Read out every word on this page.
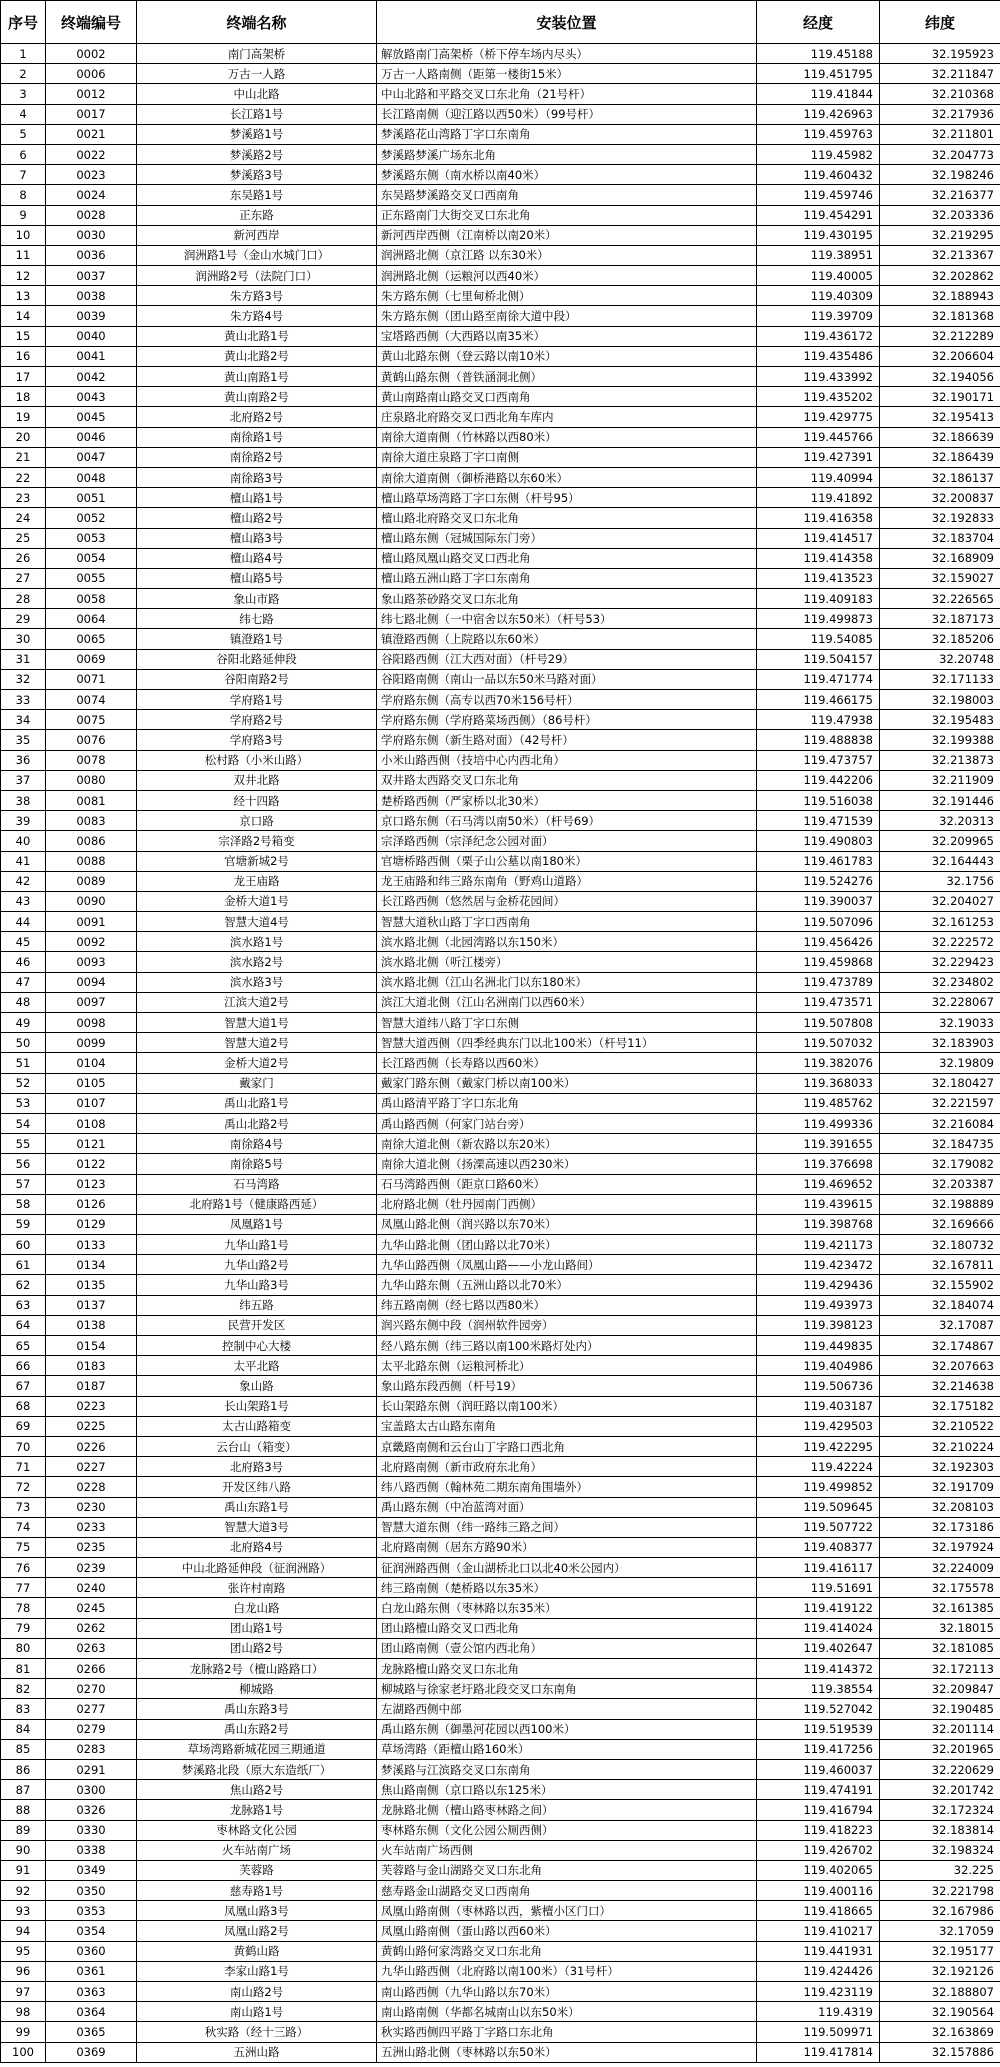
序号	终端编号	终端名称	安装位置	经度	纬度
1	0002	南门高架桥	解放路南门高架桥（桥下停车场内尽头）	119.45188	32.195923
2	0006	万古一人路	万古一人路南侧（距第一楼街15米）	119.451795	32.211847
3	0012	中山北路	中山北路和平路交叉口东北角（21号杆）	119.41844	32.210368
4	0017	长江路1号	长江路南侧（迎江路以西50米）（99号杆）	119.426963	32.217936
5	0021	梦溪路1号	梦溪路花山湾路丁字口东南角	119.459763	32.211801
6	0022	梦溪路2号	梦溪路梦溪广场东北角	119.45982	32.204773
7	0023	梦溪路3号	梦溪路东侧（南水桥以南40米）	119.460432	32.198246
8	0024	东吴路1号	东吴路梦溪路交叉口西南角	119.459746	32.216377
9	0028	正东路	正东路南门大街交叉口东北角	119.454291	32.203336
10	0030	新河西岸	新河西岸西侧（江南桥以南20米）	119.430195	32.219295
11	0036	润洲路1号（金山水城门口）	润洲路北侧（京江路 以东30米）	119.38951	32.213367
12	0037	润洲路2号（法院门口）	润洲路北侧（运粮河以西40米）	119.40005	32.202862
13	0038	朱方路3号	朱方路东侧（七里甸桥北侧）	119.40309	32.188943
14	0039	朱方路4号	朱方路东侧（团山路至南徐大道中段）	119.39709	32.181368
15	0040	黄山北路1号	宝塔路西侧（大西路以南35米）	119.436172	32.212289
16	0041	黄山北路2号	黄山北路东侧（登云路以南10米）	119.435486	32.206604
17	0042	黄山南路1号	黄鹤山路东侧（普铁涵洞北侧）	119.433992	32.194056
18	0043	黄山南路2号	黄山南路南山路交叉口西南角	119.435202	32.190171
19	0045	北府路2号	庄泉路北府路交叉口西北角车库内	119.429775	32.195413
20	0046	南徐路1号	南徐大道南侧（竹林路以西80米）	119.445766	32.186639
21	0047	南徐路2号	南徐大道庄泉路丁字口南侧	119.427391	32.186439
22	0048	南徐路3号	南徐大道南侧（御桥港路以东60米）	119.40994	32.186137
23	0051	檀山路1号	檀山路草场湾路丁字口东侧（杆号95）	119.41892	32.200837
24	0052	檀山路2号	檀山路北府路交叉口东北角	119.416358	32.192833
25	0053	檀山路3号	檀山路东侧（冠城国际东门旁）	119.414517	32.183704
26	0054	檀山路4号	檀山路凤凰山路交叉口西北角	119.414358	32.168909
27	0055	檀山路5号	檀山路五洲山路丁字口东南角	119.413523	32.159027
28	0058	象山市路	象山路茶砂路交叉口东北角	119.409183	32.226565
29	0064	纬七路	纬七路北侧（一中宿舍以东50米）（杆号53）	119.499873	32.187173
30	0065	镇澄路1号	镇澄路西侧（上院路以东60米）	119.54085	32.185206
31	0069	谷阳北路延伸段	谷阳路西侧（江大西对面）（杆号29）	119.504157	32.20748
32	0071	谷阳南路2号	谷阳路南侧（南山一品以东50米马路对面）	119.471774	32.171133
33	0074	学府路1号	学府路东侧（高专以西70米156号杆）	119.466175	32.198003
34	0075	学府路2号	学府路东侧（学府路菜场西侧）（86号杆）	119.47938	32.195483
35	0076	学府路3号	学府路东侧（新生路对面）（42号杆）	119.488838	32.199388
36	0078	松村路（小米山路）	小米山路西侧（技培中心内西北角）	119.473757	32.213873
37	0080	双井北路	双井路太西路交叉口东北角	119.442206	32.211909
38	0081	经十四路	楚桥路西侧（严家桥以北30米）	119.516038	32.191446
39	0083	京口路	京口路东侧（石马湾以南50米）（杆号69）	119.471539	32.20313
40	0086	宗泽路2号箱变	宗泽路西侧（宗泽纪念公园对面）	119.490803	32.209965
41	0088	官塘新城2号	官塘桥路西侧（栗子山公墓以南180米）	119.461783	32.164443
42	0089	龙王庙路	龙王庙路和纬三路东南角（野鸡山道路）	119.524276	32.1756
43	0090	金桥大道1号	长江路西侧（悠然居与金桥花园间）	119.390037	32.204027
44	0091	智慧大道4号	智慧大道秋山路丁字口西南角	119.507096	32.161253
45	0092	滨水路1号	滨水路北侧（北园湾路以东150米）	119.456426	32.222572
46	0093	滨水路2号	滨水路北侧（听江楼旁）	119.459868	32.229423
47	0094	滨水路3号	滨水路北侧（江山名洲北门以东180米）	119.473789	32.234802
48	0097	江滨大道2号	滨江大道北侧（江山名洲南门以西60米）	119.473571	32.228067
49	0098	智慧大道1号	智慧大道纬八路丁字口东侧	119.507808	32.19033
50	0099	智慧大道2号	智慧大道西侧（四季经典东门以北100米）（杆号11）	119.507032	32.183903
51	0104	金桥大道2号	长江路西侧（长寿路以西60米）	119.382076	32.19809
52	0105	戴家门	戴家门路东侧（戴家门桥以南100米）	119.368033	32.180427
53	0107	禹山北路1号	禹山路清平路丁字口东北角	119.485762	32.221597
54	0108	禹山北路2号	禹山路西侧（何家门站台旁）	119.499336	32.216084
55	0121	南徐路4号	南徐大道北侧（新农路以东20米）	119.391655	32.184735
56	0122	南徐路5号	南徐大道北侧（扬溧高速以西230米）	119.376698	32.179082
57	0123	石马湾路	石马湾路西侧（距京口路60米）	119.469652	32.203387
58	0126	北府路1号（健康路西延）	北府路北侧（牡丹园南门西侧）	119.439615	32.198889
59	0129	凤凰路1号	凤凰山路北侧（润兴路以东70米）	119.398768	32.169666
60	0133	九华山路1号	九华山路北侧（团山路以北70米）	119.421173	32.180732
61	0134	九华山路2号	九华山路西侧（凤凰山路——小龙山路间）	119.423472	32.167811
62	0135	九华山路3号	九华山路东侧（五洲山路以北70米）	119.429436	32.155902
63	0137	纬五路	纬五路南侧（经七路以西80米）	119.493973	32.184074
64	0138	民营开发区	润兴路东侧中段（润州软件园旁）	119.398123	32.17087
65	0154	控制中心大楼	经八路东侧（纬三路以南100米路灯处内）	119.449835	32.174867
66	0183	太平北路	太平北路东侧（运粮河桥北）	119.404986	32.207663
67	0187	象山路	象山路东段西侧（杆号19）	119.506736	32.214638
68	0223	长山架路1号	长山架路东侧（润旺路以南100米）	119.403187	32.175182
69	0225	太古山路箱变	宝盖路太古山路东南角	119.429503	32.210522
70	0226	云台山（箱变）	京畿路南侧和云台山丁字路口西北角	119.422295	32.210224
71	0227	北府路3号	北府路南侧（新市政府东北角）	119.42224	32.192303
72	0228	开发区纬八路	纬八路西侧（翰林苑二期东南角围墙外）	119.499852	32.191709
73	0230	禹山东路1号	禹山路东侧（中冶蓝湾对面）	119.509645	32.208103
74	0233	智慧大道3号	智慧大道东侧（纬一路纬三路之间）	119.507722	32.173186
75	0235	北府路4号	北府路南侧（居东方路90米）	119.408377	32.197924
76	0239	中山北路延伸段（征润洲路）	征润洲路西侧（金山湖桥北口以北40米公园内）	119.416117	32.224009
77	0240	张许村南路	纬三路南侧（楚桥路以东35米）	119.51691	32.175578
78	0245	白龙山路	白龙山路东侧（枣林路以东35米）	119.419122	32.161385
79	0262	团山路1号	团山路檀山路交叉口西北角	119.414024	32.18015
80	0263	团山路2号	团山路南侧（壹公馆内西北角）	119.402647	32.181085
81	0266	龙脉路2号（檀山路路口）	龙脉路檀山路交叉口东北角	119.414372	32.172113
82	0270	柳城路	柳城路与徐家老圩路北段交叉口东南角	119.38554	32.209847
83	0277	禹山东路3号	左湖路西侧中部	119.527042	32.190485
84	0279	禹山东路2号	禹山路东侧（御墨河花园以西100米）	119.519539	32.201114
85	0283	草场湾路新城花园三期通道	草场湾路（距檀山路160米）	119.417256	32.201965
86	0291	梦溪路北段（原大东造纸厂）	梦溪路与江滨路交叉口东南角	119.460037	32.220629
87	0300	焦山路2号	焦山路南侧（京口路以东125米）	119.474191	32.201742
88	0326	龙脉路1号	龙脉路北侧（檀山路枣林路之间）	119.416794	32.172324
89	0330	枣林路文化公园	枣林路东侧（文化公园公厕西侧）	119.418223	32.183814
90	0338	火车站南广场	火车站南广场西侧	119.426702	32.198324
91	0349	芙蓉路	芙蓉路与金山湖路交叉口东北角	119.402065	32.225
92	0350	慈寿路1号	慈寿路金山湖路交叉口西南角	119.400116	32.221798
93	0353	凤凰山路3号	凤凰山路南侧（枣林路以西，紫檀小区门口）	119.418665	32.167986
94	0354	凤凰山路2号	凤凰山路南侧（蛋山路以西60米）	119.410217	32.17059
95	0360	黄鹤山路	黄鹤山路何家湾路交叉口东北角	119.441931	32.195177
96	0361	李家山路1号	九华山路西侧（北府路以南100米）（31号杆）	119.424426	32.192126
97	0363	南山路2号	南山路西侧（九华山路以东70米）	119.423119	32.188807
98	0364	南山路1号	南山路南侧（华都名城南山以东50米）	119.4319	32.190564
99	0365	秋实路（经十三路）	秋实路西侧四平路丁字路口东北角	119.509971	32.163869
100	0369	五洲山路	五洲山路北侧（枣林路以东50米）	119.417814	32.157886
